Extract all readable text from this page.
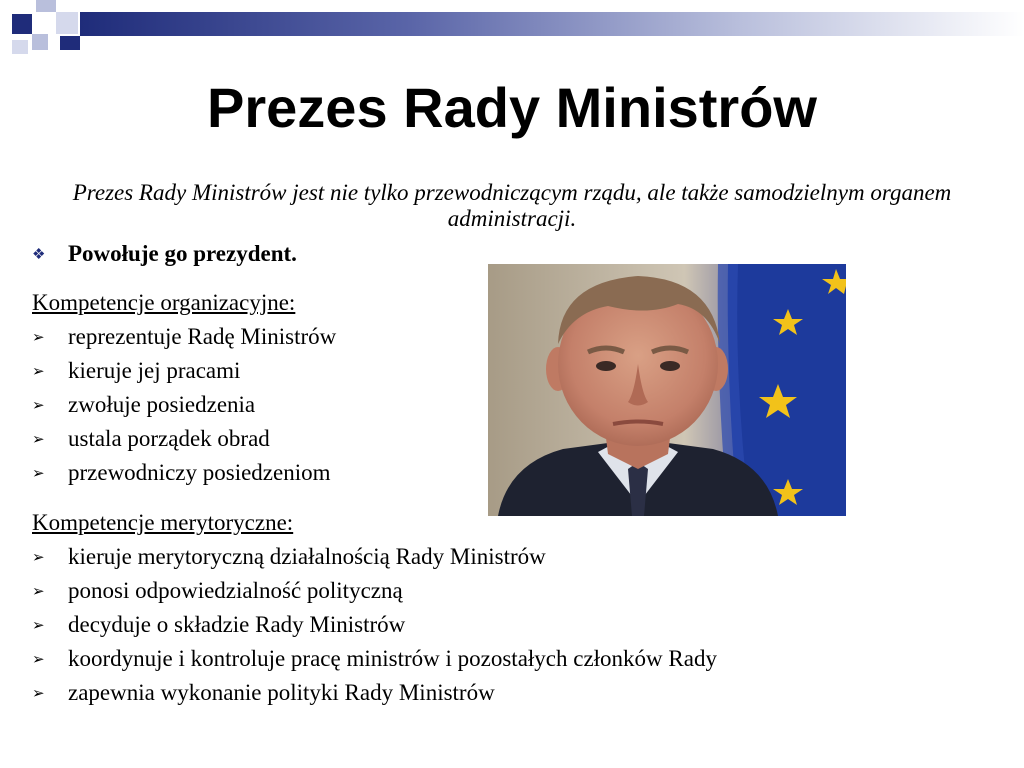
Prezes Rady Ministrów
Prezes Rady Ministrów jest nie tylko przewodniczącym rządu, ale także samodzielnym organem administracji.
❖ Powołuje go prezydent.
Kompetencje organizacyjne:
➢ reprezentuje Radę Ministrów
➢ kieruje jej pracami
➢ zwołuje posiedzenia
➢ ustala porządek obrad
➢ przewodniczy posiedzeniom
Kompetencje merytoryczne:
➢ kieruje merytoryczną działalnością Rady Ministrów
➢ ponosi odpowiedzialność polityczną
➢ decyduje o składzie Rady Ministrów
➢ koordynuje i kontroluje pracę ministrów i pozostałych członków Rady
➢ zapewnia wykonanie polityki Rady Ministrów
